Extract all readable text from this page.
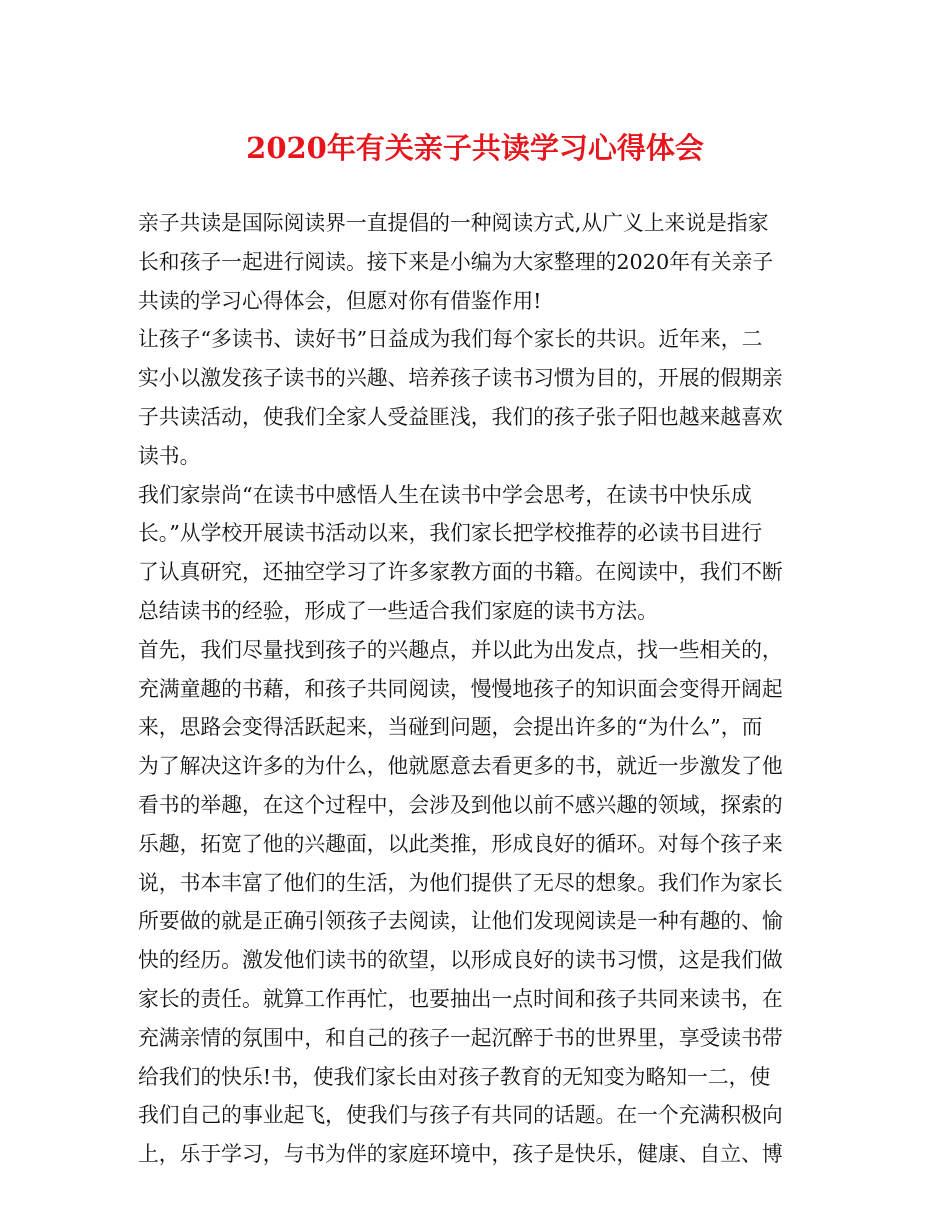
2020年有关亲子共读学习心得体会
亲子共读是国际阅读界一直提倡的一种阅读方式,从广义上来说是指家
长和孩子一起进行阅读。接下来是小编为大家整理的2020年有关亲子
共读的学习心得体会，但愿对你有借鉴作用!
让孩子“多读书、读好书”日益成为我们每个家长的共识。近年来，二
实小以激发孩子读书的兴趣、培养孩子读书习惯为目的，开展的假期亲
子共读活动，使我们全家人受益匪浅，我们的孩子张子阳也越来越喜欢
读书。
我们家崇尚“在读书中感悟人生在读书中学会思考，在读书中快乐成
长。”从学校开展读书活动以来，我们家长把学校推荐的必读书目进行
了认真研究，还抽空学习了许多家教方面的书籍。在阅读中，我们不断
总结读书的经验，形成了一些适合我们家庭的读书方法。
首先，我们尽量找到孩子的兴趣点，并以此为出发点，找一些相关的，
充满童趣的书藉，和孩子共同阅读，慢慢地孩子的知识面会变得开阔起
来，思路会变得活跃起来，当碰到问题，会提出许多的“为什么”，而
为了解决这许多的为什么，他就愿意去看更多的书，就近一步激发了他
看书的举趣，在这个过程中，会涉及到他以前不感兴趣的领域，探索的
乐趣，拓宽了他的兴趣面，以此类推，形成良好的循环。对每个孩子来
说，书本丰富了他们的生活，为他们提供了无尽的想象。我们作为家长
所要做的就是正确引领孩子去阅读，让他们发现阅读是一种有趣的、愉
快的经历。激发他们读书的欲望，以形成良好的读书习惯，这是我们做
家长的责任。就算工作再忙，也要抽出一点时间和孩子共同来读书，在
充满亲情的氛围中，和自己的孩子一起沉醉于书的世界里，享受读书带
给我们的快乐!书，使我们家长由对孩子教育的无知变为略知一二，使
我们自己的事业起飞，使我们与孩子有共同的话题。在一个充满积极向
上，乐于学习，与书为伴的家庭环境中，孩子是快乐，健康、自立、博
